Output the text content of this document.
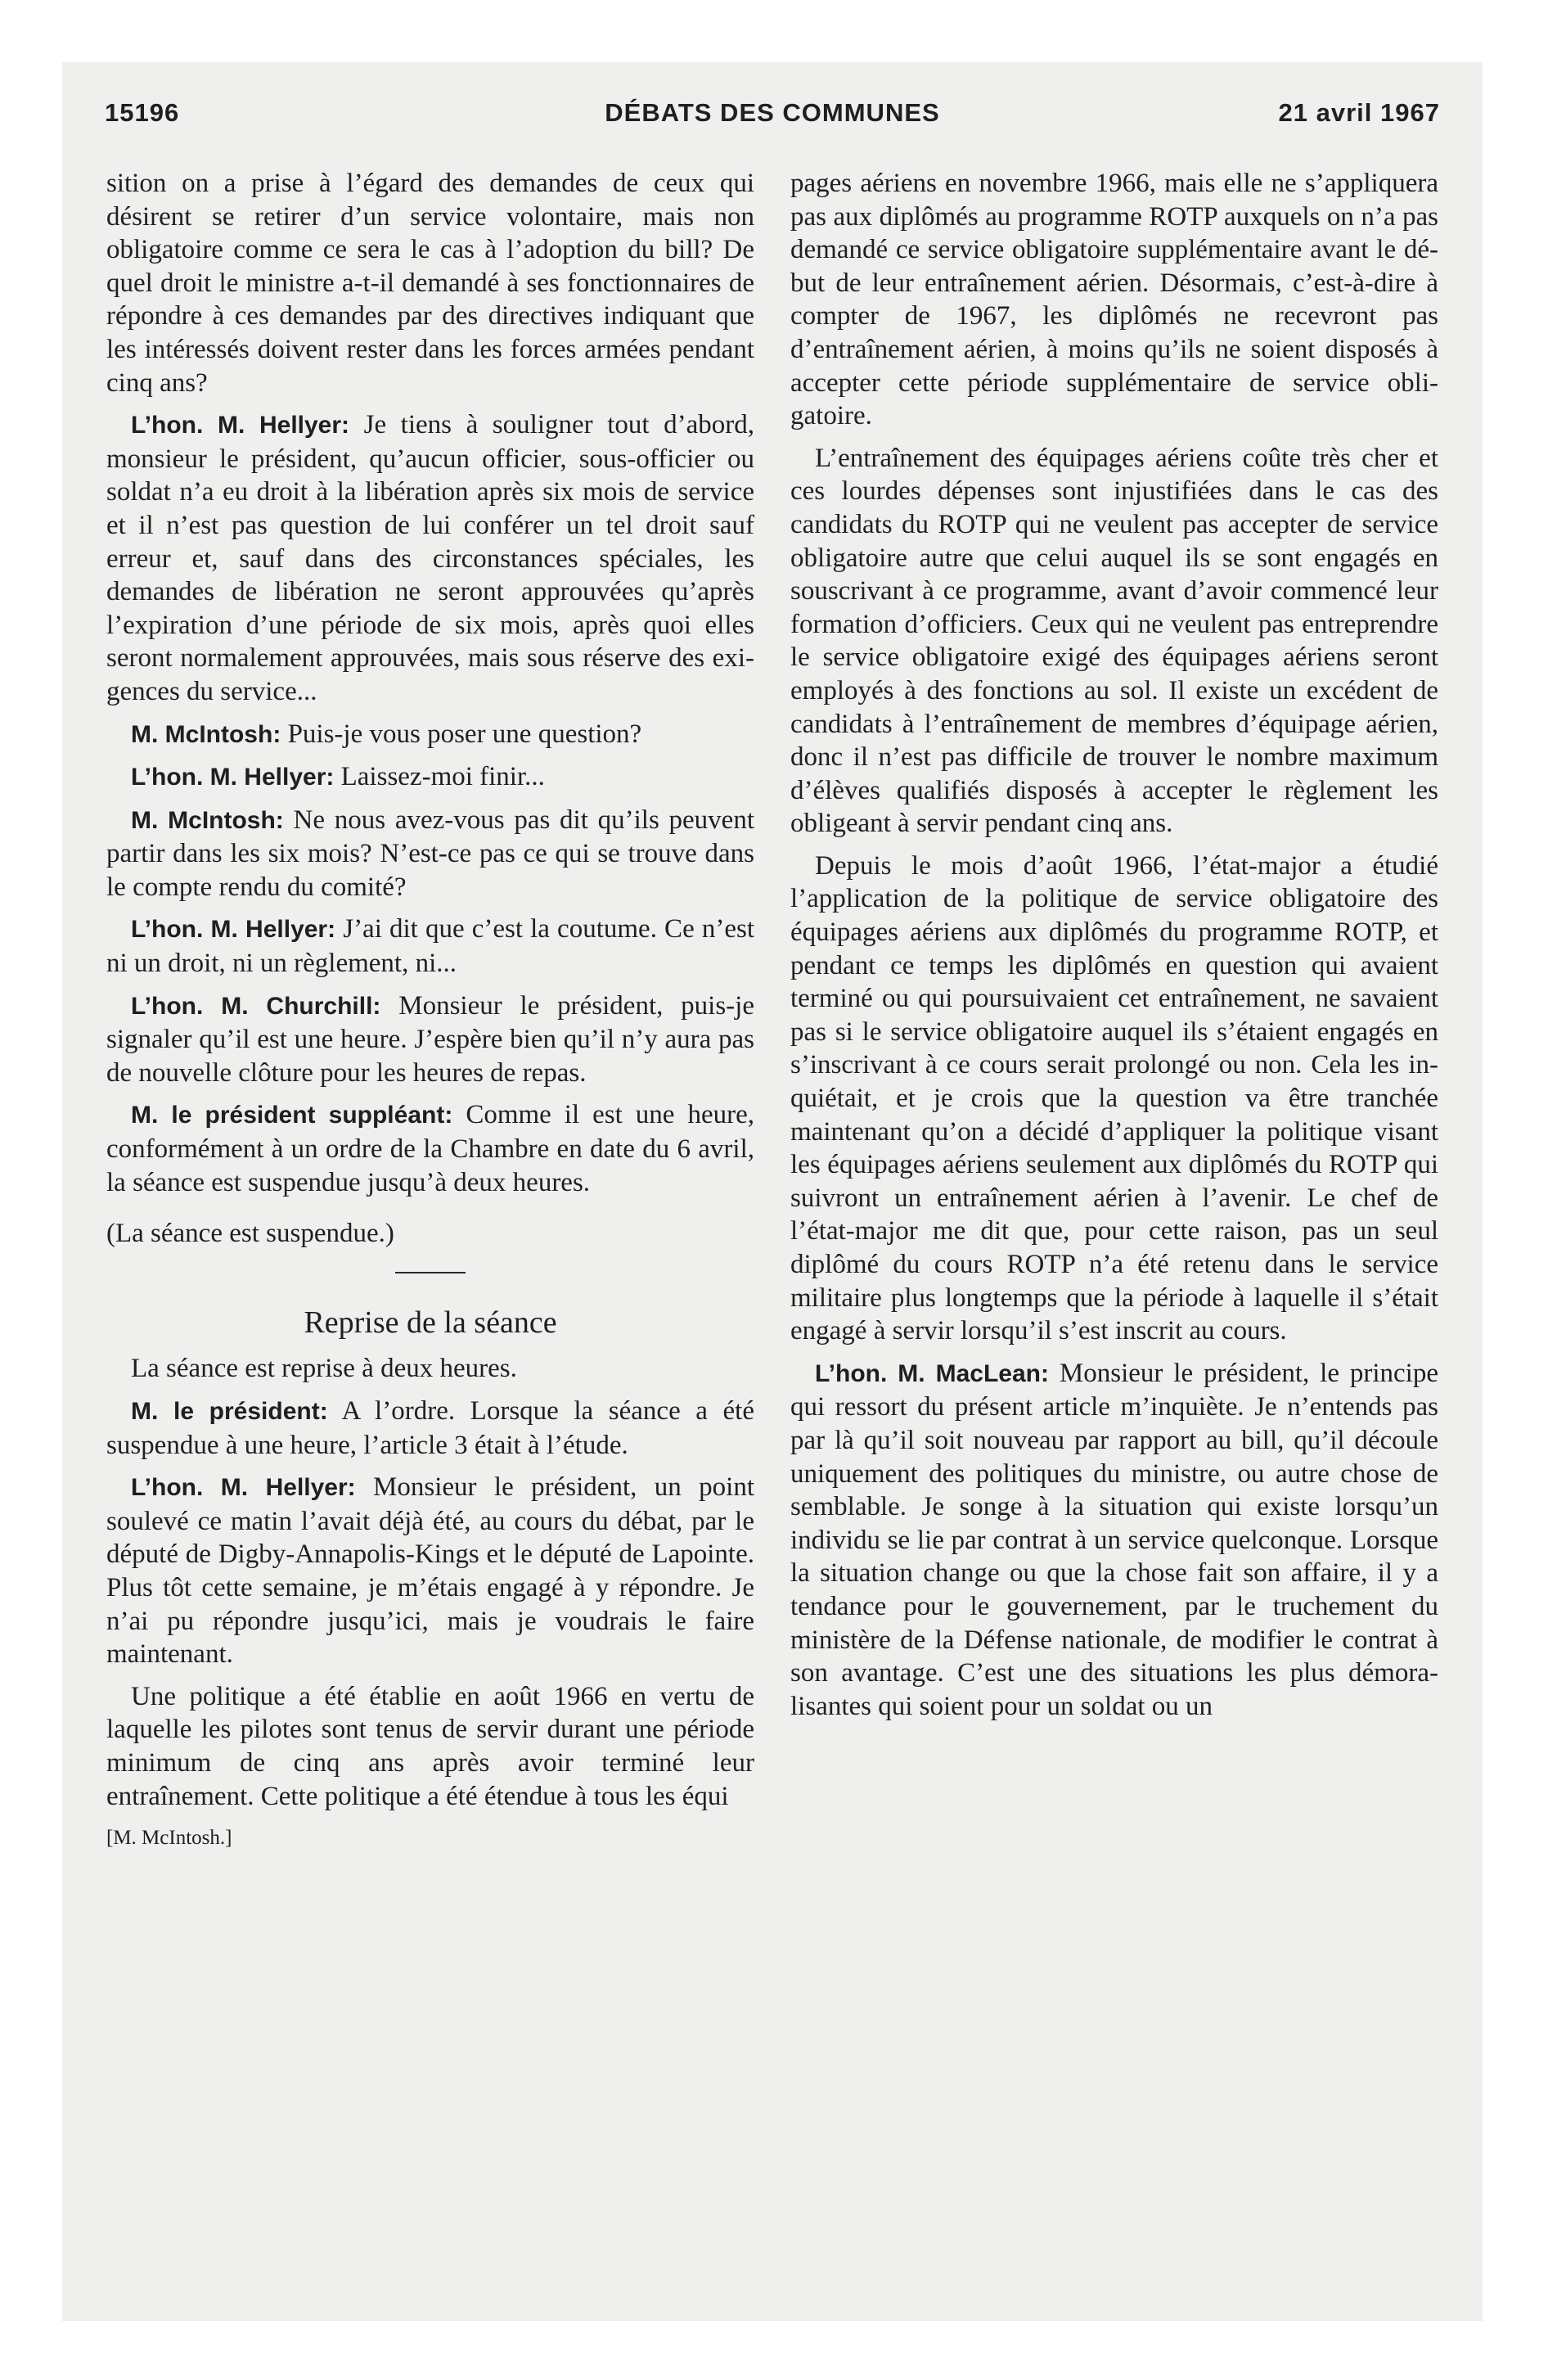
15196	DÉBATS DES COMMUNES	21 avril 1967

sition on a prise à l’égard des demandes de ceux qui désirent se retirer d’un service volontaire, mais non obligatoire comme ce sera le cas à l’adoption du bill? De quel droit le ministre a-t-il demandé à ses fonctionnaires de répondre à ces demandes par des directives indiquant que les intéressés doivent rester dans les forces armées pendant cinq ans?

L’hon. M. Hellyer: Je tiens à souligner tout d’abord, monsieur le président, qu’aucun officier, sous-officier ou soldat n’a eu droit à la libération après six mois de service et il n’est pas question de lui conférer un tel droit sauf erreur et, sauf dans des circonstances spéciales, les demandes de libération ne seront approuvées qu’après l’expiration d’une période de six mois, après quoi elles seront normalement approuvées, mais sous réserve des exigences du service...

M. McIntosh: Puis-je vous poser une question?

L’hon. M. Hellyer: Laissez-moi finir...

M. McIntosh: Ne nous avez-vous pas dit qu’ils peuvent partir dans les six mois? N’est-ce pas ce qui se trouve dans le compte rendu du comité?

L’hon. M. Hellyer: J’ai dit que c’est la coutume. Ce n’est ni un droit, ni un règlement, ni...

L’hon. M. Churchill: Monsieur le président, puis-je signaler qu’il est une heure. J’espère bien qu’il n’y aura pas de nouvelle clôture pour les heures de repas.

M. le président suppléant: Comme il est une heure, conformément à un ordre de la Chambre en date du 6 avril, la séance est suspendue jusqu’à deux heures.

(La séance est suspendue.)

Reprise de la séance

La séance est reprise à deux heures.

M. le président: A l’ordre. Lorsque la séance a été suspendue à une heure, l’article 3 était à l’étude.

L’hon. M. Hellyer: Monsieur le président, un point soulevé ce matin l’avait déjà été, au cours du débat, par le député de Digby-Annapolis-Kings et le député de Lapointe. Plus tôt cette semaine, je m’étais engagé à y répondre. Je n’ai pu répondre jusqu’ici, mais je voudrais le faire maintenant.

Une politique a été établie en août 1966 en vertu de laquelle les pilotes sont tenus de servir durant une période minimum de cinq ans après avoir terminé leur entraînement. Cette politique a été étendue à tous les équi

[M. McIntosh.]

pages aériens en novembre 1966, mais elle ne s’appliquera pas aux diplômés au programme ROTP auxquels on n’a pas demandé ce service obligatoire supplémentaire avant le début de leur entraînement aérien. Désormais, c’est-à-dire à compter de 1967, les diplômés ne recevront pas d’entraînement aérien, à moins qu’ils ne soient disposés à accepter cette période supplémentaire de service obligatoire.

L’entraînement des équipages aériens coûte très cher et ces lourdes dépenses sont injustifiées dans le cas des candidats du ROTP qui ne veulent pas accepter de service obligatoire autre que celui auquel ils se sont engagés en souscrivant à ce programme, avant d’avoir commencé leur formation d’officiers. Ceux qui ne veulent pas entreprendre le service obligatoire exigé des équipages aériens seront employés à des fonctions au sol. Il existe un excédent de candidats à l’entraînement de membres d’équipage aérien, donc il n’est pas difficile de trouver le nombre maximum d’élèves qualifiés disposés à accepter le règlement les obligeant à servir pendant cinq ans.

Depuis le mois d’août 1966, l’état-major a étudié l’application de la politique de service obligatoire des équipages aériens aux diplômés du programme ROTP, et pendant ce temps les diplômés en question qui avaient terminé ou qui poursuivaient cet entraînement, ne savaient pas si le service obligatoire auquel ils s’étaient engagés en s’inscrivant à ce cours serait prolongé ou non. Cela les inquiétait, et je crois que la question va être tranchée maintenant qu’on a décidé d’appliquer la politique visant les équipages aériens seulement aux diplômés du ROTP qui suivront un entraînement aérien à l’avenir. Le chef de l’état-major me dit que, pour cette raison, pas un seul diplômé du cours ROTP n’a été retenu dans le service militaire plus longtemps que la période à laquelle il s’était engagé à servir lorsqu’il s’est inscrit au cours.

L’hon. M. MacLean: Monsieur le président, le principe qui ressort du présent article m’inquiète. Je n’entends pas par là qu’il soit nouveau par rapport au bill, qu’il découle uniquement des politiques du ministre, ou autre chose de semblable. Je songe à la situation qui existe lorsqu’un individu se lie par contrat à un service quelconque. Lorsque la situation change ou que la chose fait son affaire, il y a tendance pour le gouvernement, par le truchement du ministère de la Défense nationale, de modifier le contrat à son avantage. C’est une des situations les plus démoralisantes qui soient pour un soldat ou un
